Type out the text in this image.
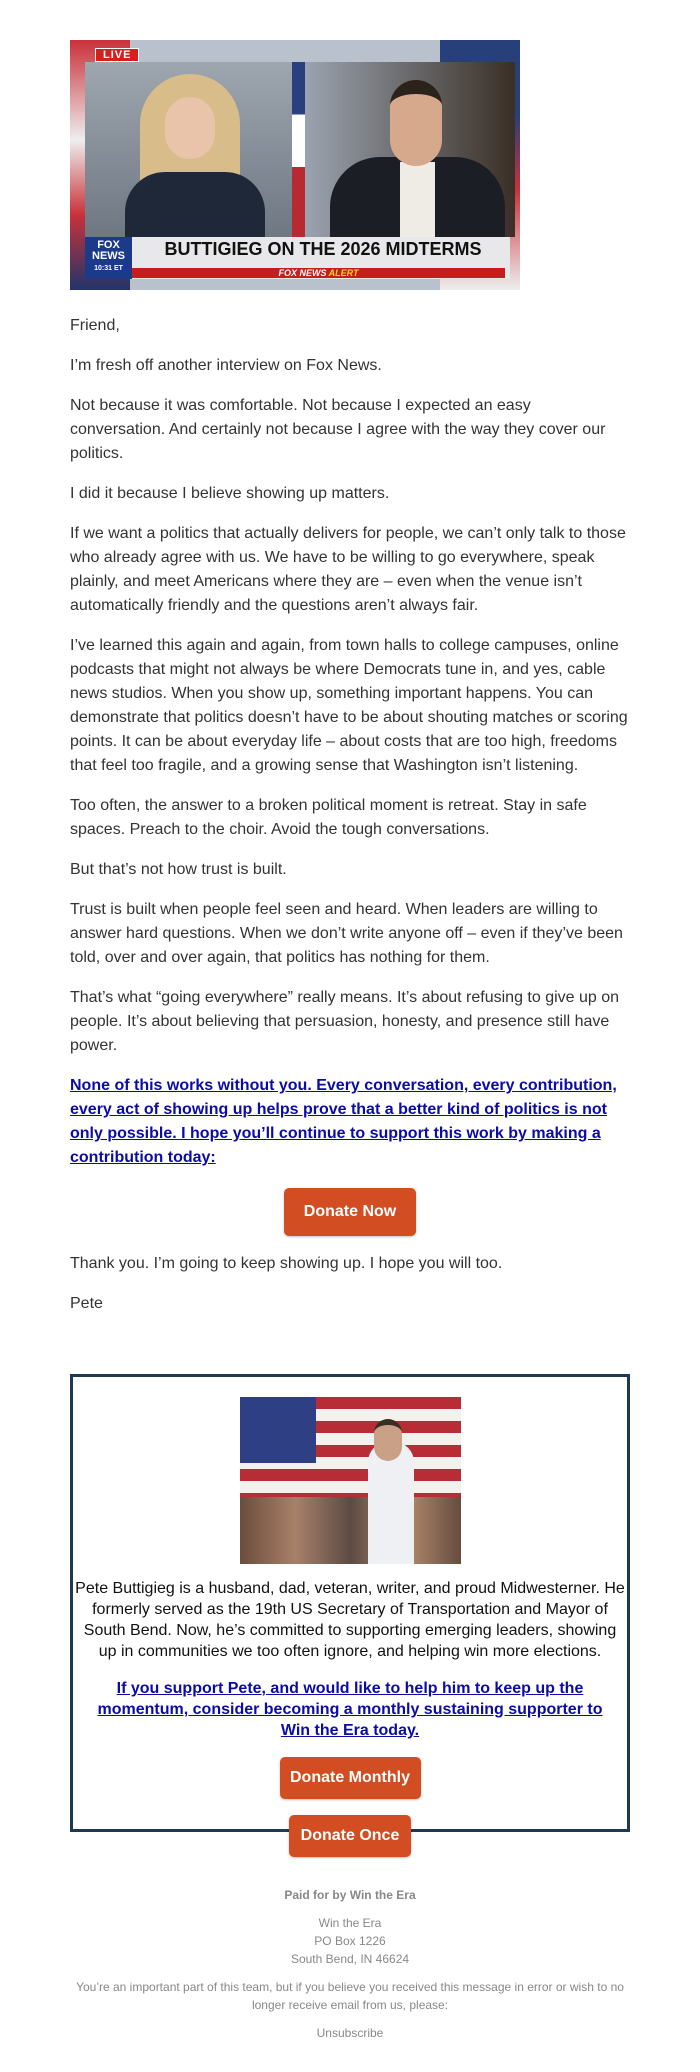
LIVE
FOX NEWS
10:31 ET
BUTTIGIEG ON THE 2026 MIDTERMS
FOX NEWS ALERT

Friend,

I’m fresh off another interview on Fox News.

Not because it was comfortable. Not because I expected an easy conversation. And certainly not because I agree with the way they cover our politics.

I did it because I believe showing up matters.

If we want a politics that actually delivers for people, we can’t only talk to those who already agree with us. We have to be willing to go everywhere, speak plainly, and meet Americans where they are – even when the venue isn’t automatically friendly and the questions aren’t always fair.

I’ve learned this again and again, from town halls to college campuses, online podcasts that might not always be where Democrats tune in, and yes, cable news studios. When you show up, something important happens. You can demonstrate that politics doesn’t have to be about shouting matches or scoring points. It can be about everyday life – about costs that are too high, freedoms that feel too fragile, and a growing sense that Washington isn’t listening.

Too often, the answer to a broken political moment is retreat. Stay in safe spaces. Preach to the choir. Avoid the tough conversations.

But that’s not how trust is built.

Trust is built when people feel seen and heard. When leaders are willing to answer hard questions. When we don’t write anyone off – even if they’ve been told, over and over again, that politics has nothing for them.

That’s what “going everywhere” really means. It’s about refusing to give up on people. It’s about believing that persuasion, honesty, and presence still have power.

None of this works without you. Every conversation, every contribution, every act of showing up helps prove that a better kind of politics is not only possible. I hope you’ll continue to support this work by making a contribution today:

Donate Now

Thank you. I’m going to keep showing up. I hope you will too.

Pete

Pete Buttigieg is a husband, dad, veteran, writer, and proud Midwesterner. He formerly served as the 19th US Secretary of Transportation and Mayor of South Bend. Now, he’s committed to supporting emerging leaders, showing up in communities we too often ignore, and helping win more elections.
If you support Pete, and would like to help him to keep up the momentum, consider becoming a monthly sustaining supporter to Win the Era today.
Donate Monthly
Donate Once
Paid for by Win the Era
Win the Era
PO Box 1226
South Bend, IN 46624
You’re an important part of this team, but if you believe you received this message in error or wish to no longer receive email from us, please:
Unsubscribe
